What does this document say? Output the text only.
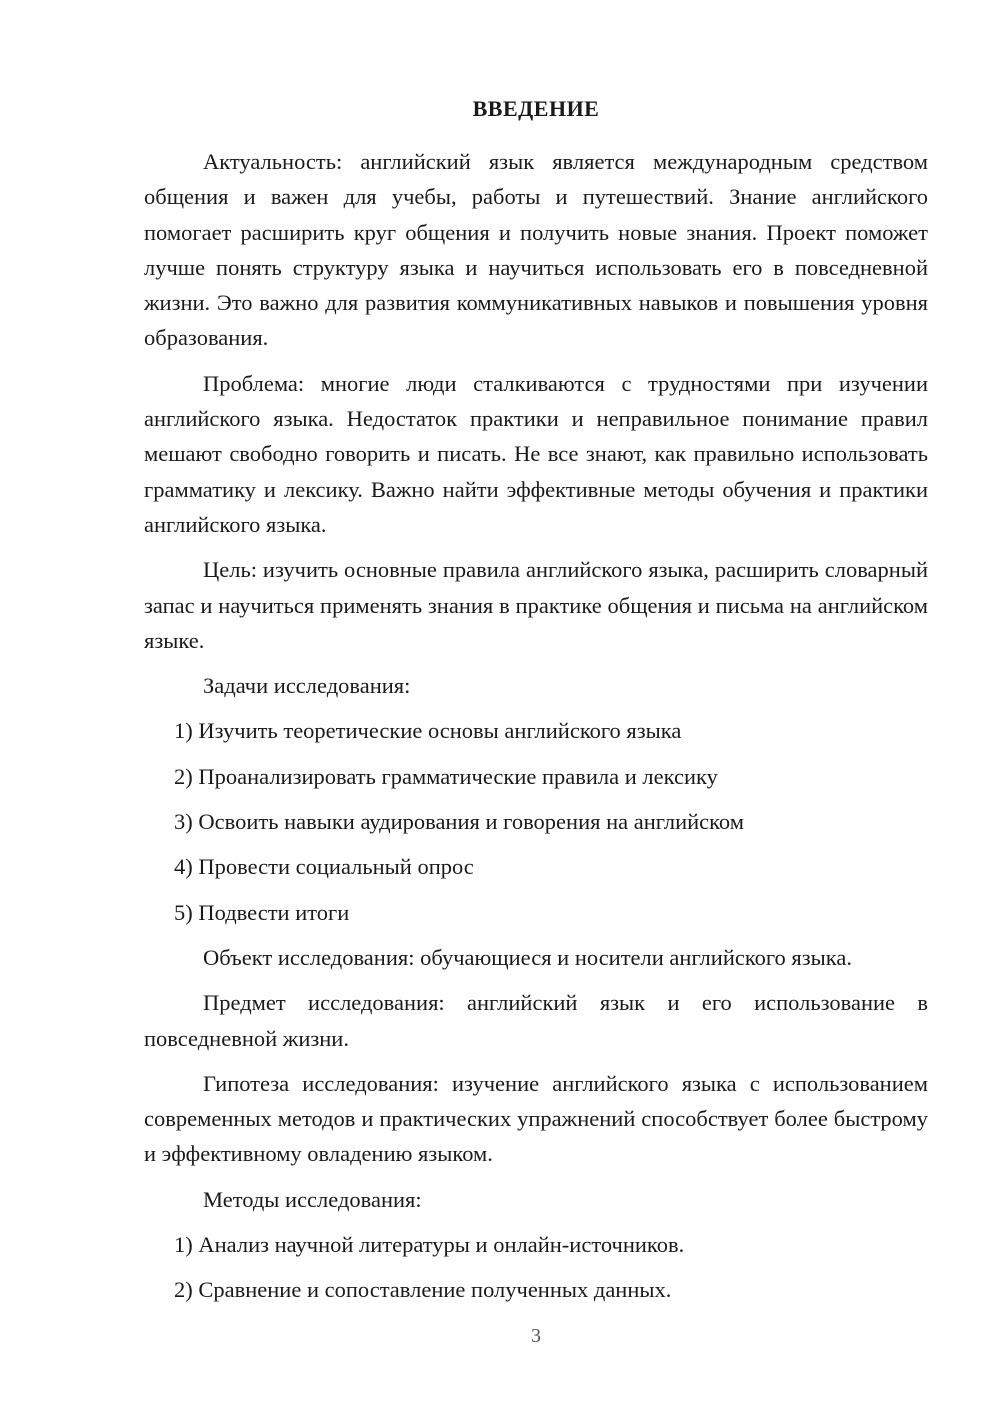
ВВЕДЕНИЕ

Актуальность: английский язык является международным средством общения и важен для учебы, работы и путешествий. Знание английского помогает расширить круг общения и получить новые знания. Проект поможет лучше понять структуру языка и научиться использовать его в повседневной жизни. Это важно для развития коммуникативных навыков и повышения уровня образования.

Проблема: многие люди сталкиваются с трудностями при изучении английского языка. Недостаток практики и неправильное понимание правил мешают свободно говорить и писать. Не все знают, как правильно использовать грамматику и лексику. Важно найти эффективные методы обучения и практики английского языка.

Цель: изучить основные правила английского языка, расширить словарный запас и научиться применять знания в практике общения и письма на английском языке.

Задачи исследования:

1) Изучить теоретические основы английского языка

2) Проанализировать грамматические правила и лексику

3) Освоить навыки аудирования и говорения на английском

4) Провести социальный опрос

5) Подвести итоги

Объект исследования: обучающиеся и носители английского языка.

Предмет исследования: английский язык и его использование в повседневной жизни.

Гипотеза исследования: изучение английского языка с использованием современных методов и практических упражнений способствует более быстрому и эффективному овладению языком.

Методы исследования:

1) Анализ научной литературы и онлайн-источников.

2) Сравнение и сопоставление полученных данных.

3
